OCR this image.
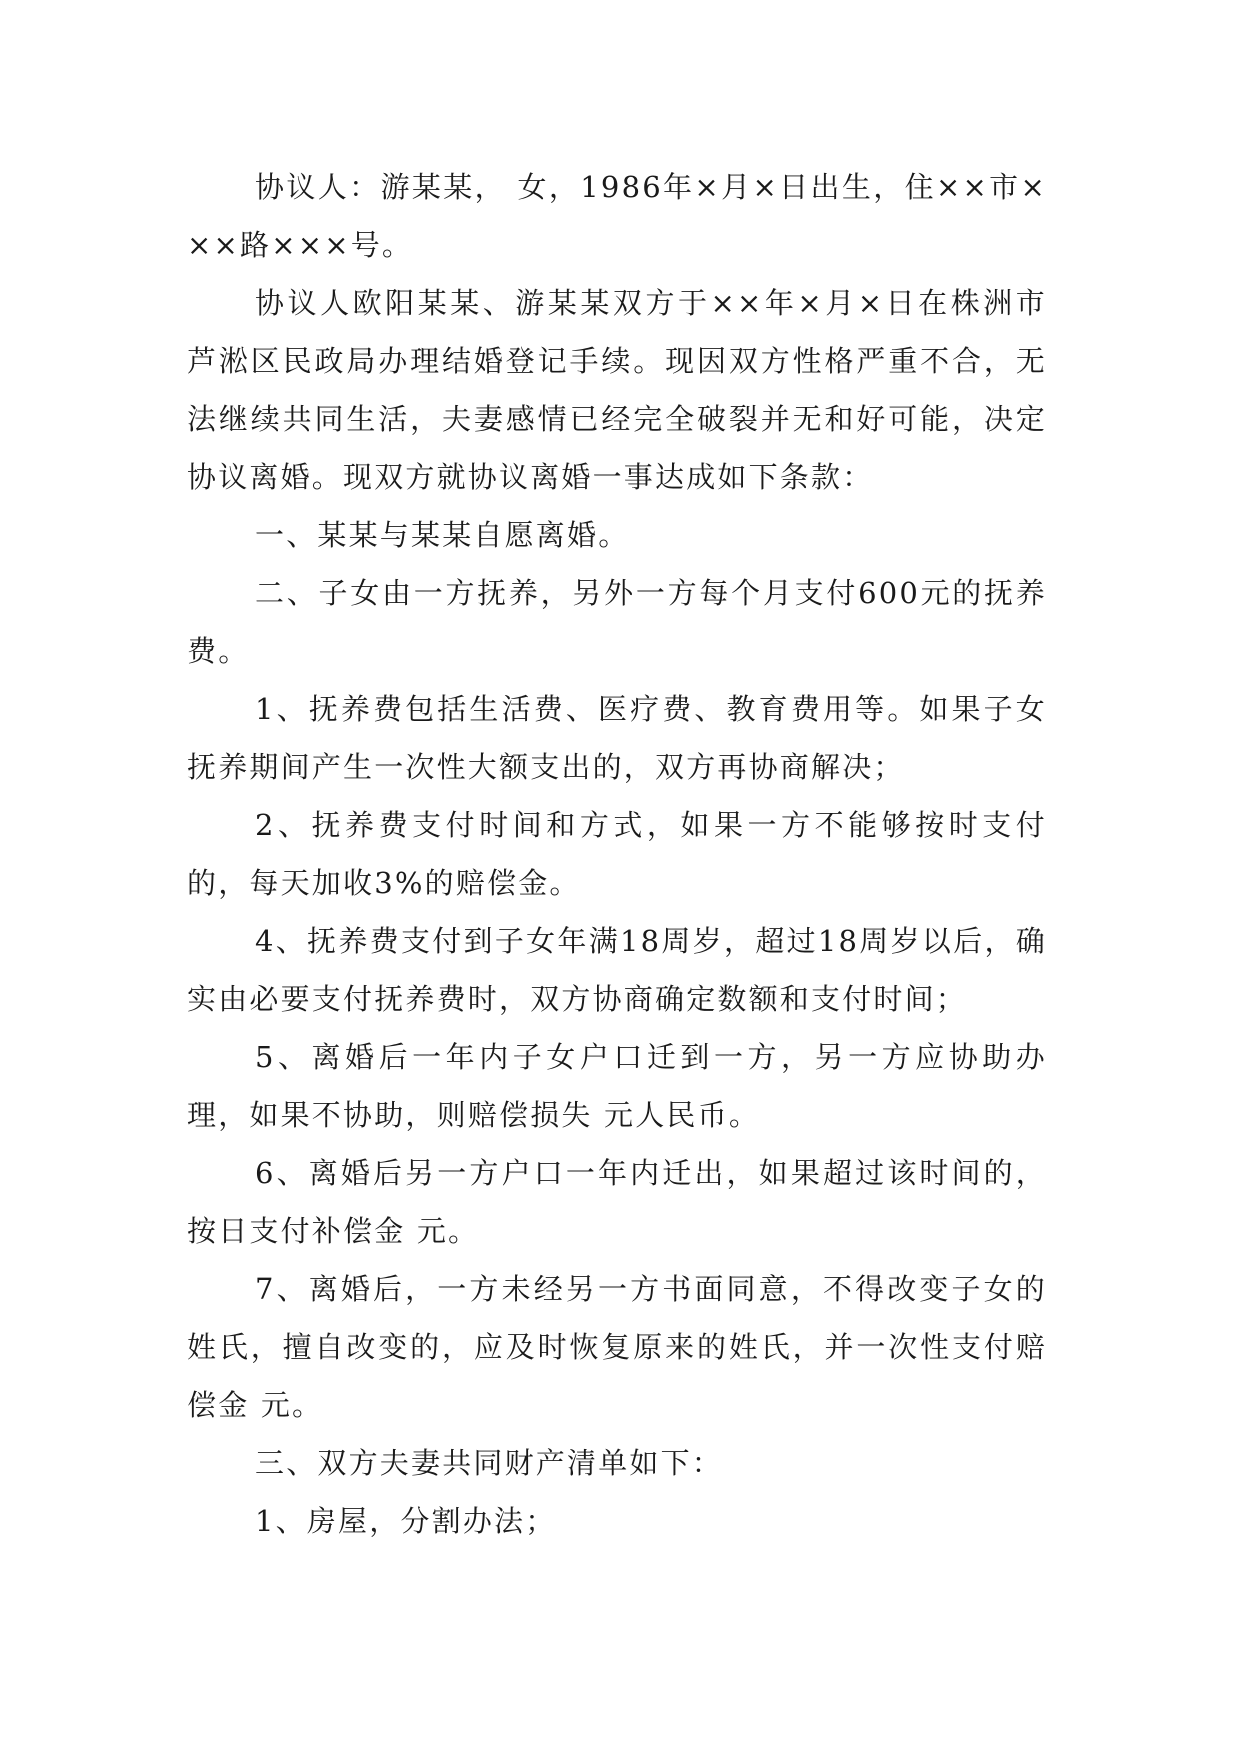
协议人：游某某， 女，1986年×月×日出生，住××市×××路×××号。

协议人欧阳某某、游某某双方于××年×月×日在株洲市芦淞区民政局办理结婚登记手续。现因双方性格严重不合，无法继续共同生活，夫妻感情已经完全破裂并无和好可能，决定协议离婚。现双方就协议离婚一事达成如下条款：

一、某某与某某自愿离婚。

二、子女由一方抚养，另外一方每个月支付600元的抚养费。

1、抚养费包括生活费、医疗费、教育费用等。如果子女抚养期间产生一次性大额支出的，双方再协商解决；

2、抚养费支付时间和方式，如果一方不能够按时支付的，每天加收3%的赔偿金。

4、抚养费支付到子女年满18周岁，超过18周岁以后，确实由必要支付抚养费时，双方协商确定数额和支付时间；

5、离婚后一年内子女户口迁到一方，另一方应协助办理，如果不协助，则赔偿损失 元人民币。

6、离婚后另一方户口一年内迁出，如果超过该时间的，按日支付补偿金 元。

7、离婚后，一方未经另一方书面同意，不得改变子女的姓氏，擅自改变的，应及时恢复原来的姓氏，并一次性支付赔偿金 元。

三、双方夫妻共同财产清单如下：

1、房屋，分割办法；
